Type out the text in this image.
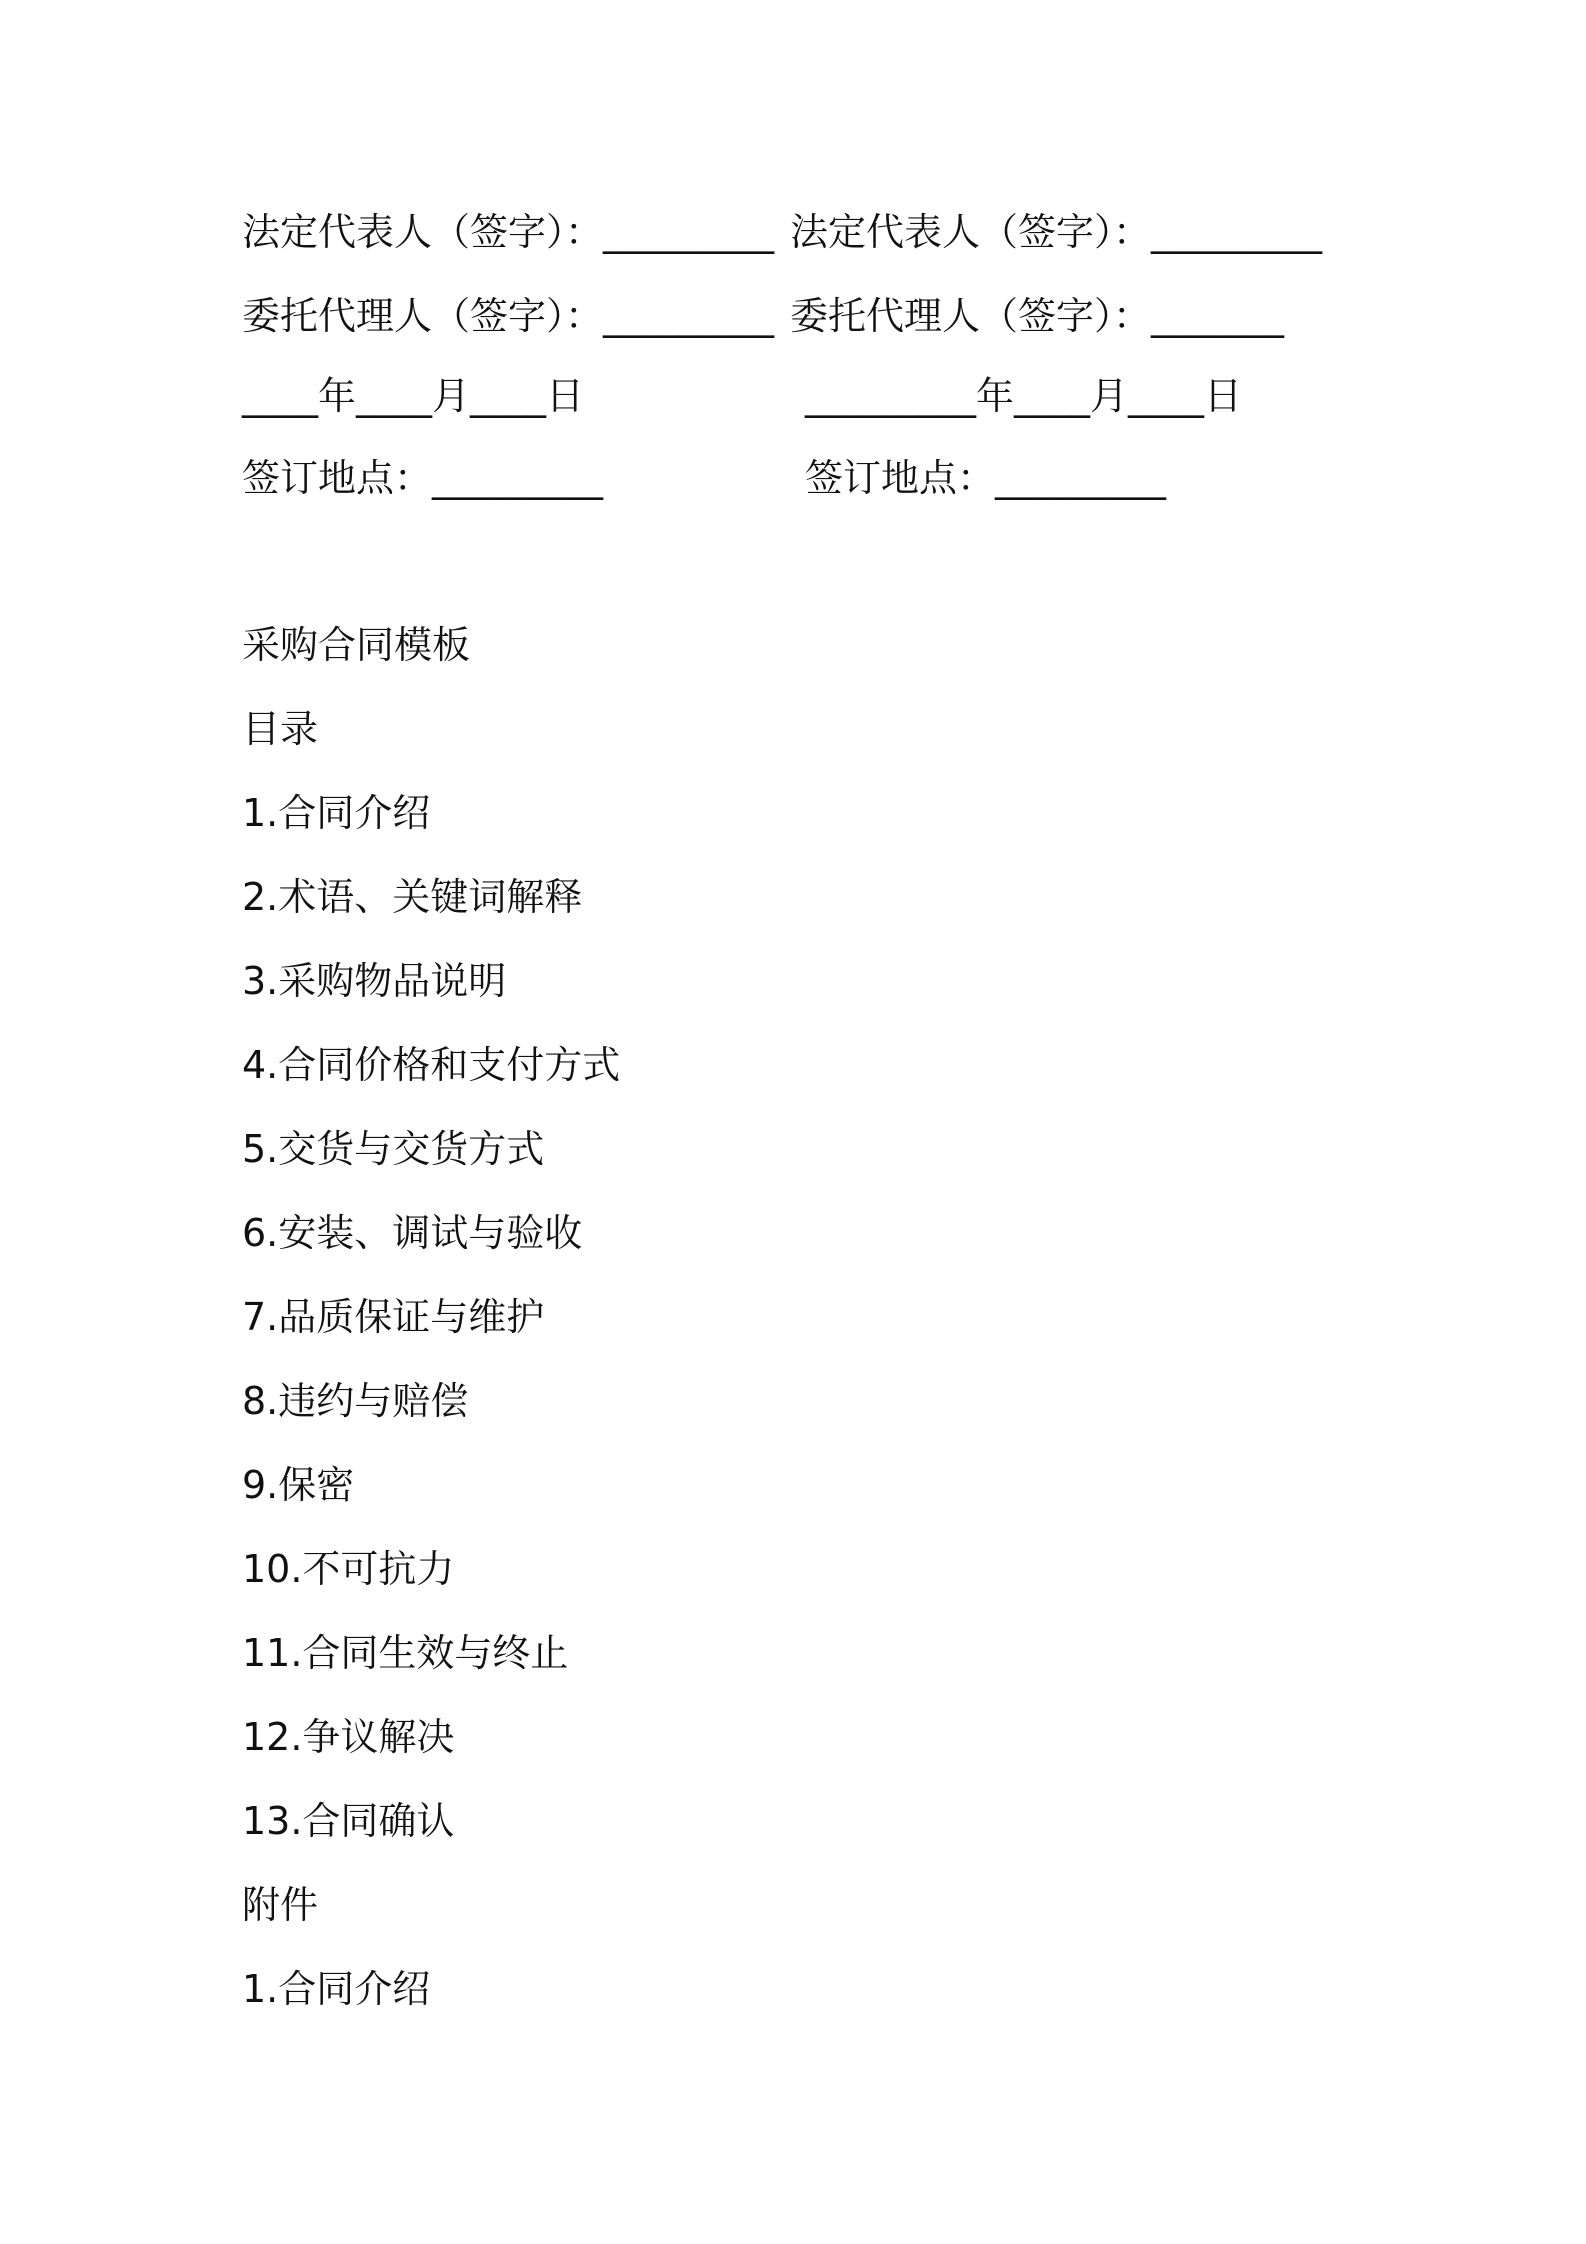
法定代表人（签字）：_________ 法定代表人（签字）：_________
委托代理人（签字）：_________ 委托代理人（签字）：_______
____年____月____日	_________年____月____日
签订地点：_________	签订地点：_________
采购合同模板
目录
1.合同介绍
2.术语、关键词解释
3.采购物品说明
4.合同价格和支付方式
5.交货与交货方式
6.安装、调试与验收
7.品质保证与维护
8.违约与赔偿
9.保密
10.不可抗力
11.合同生效与终止
12.争议解决
13.合同确认
附件
1.合同介绍
